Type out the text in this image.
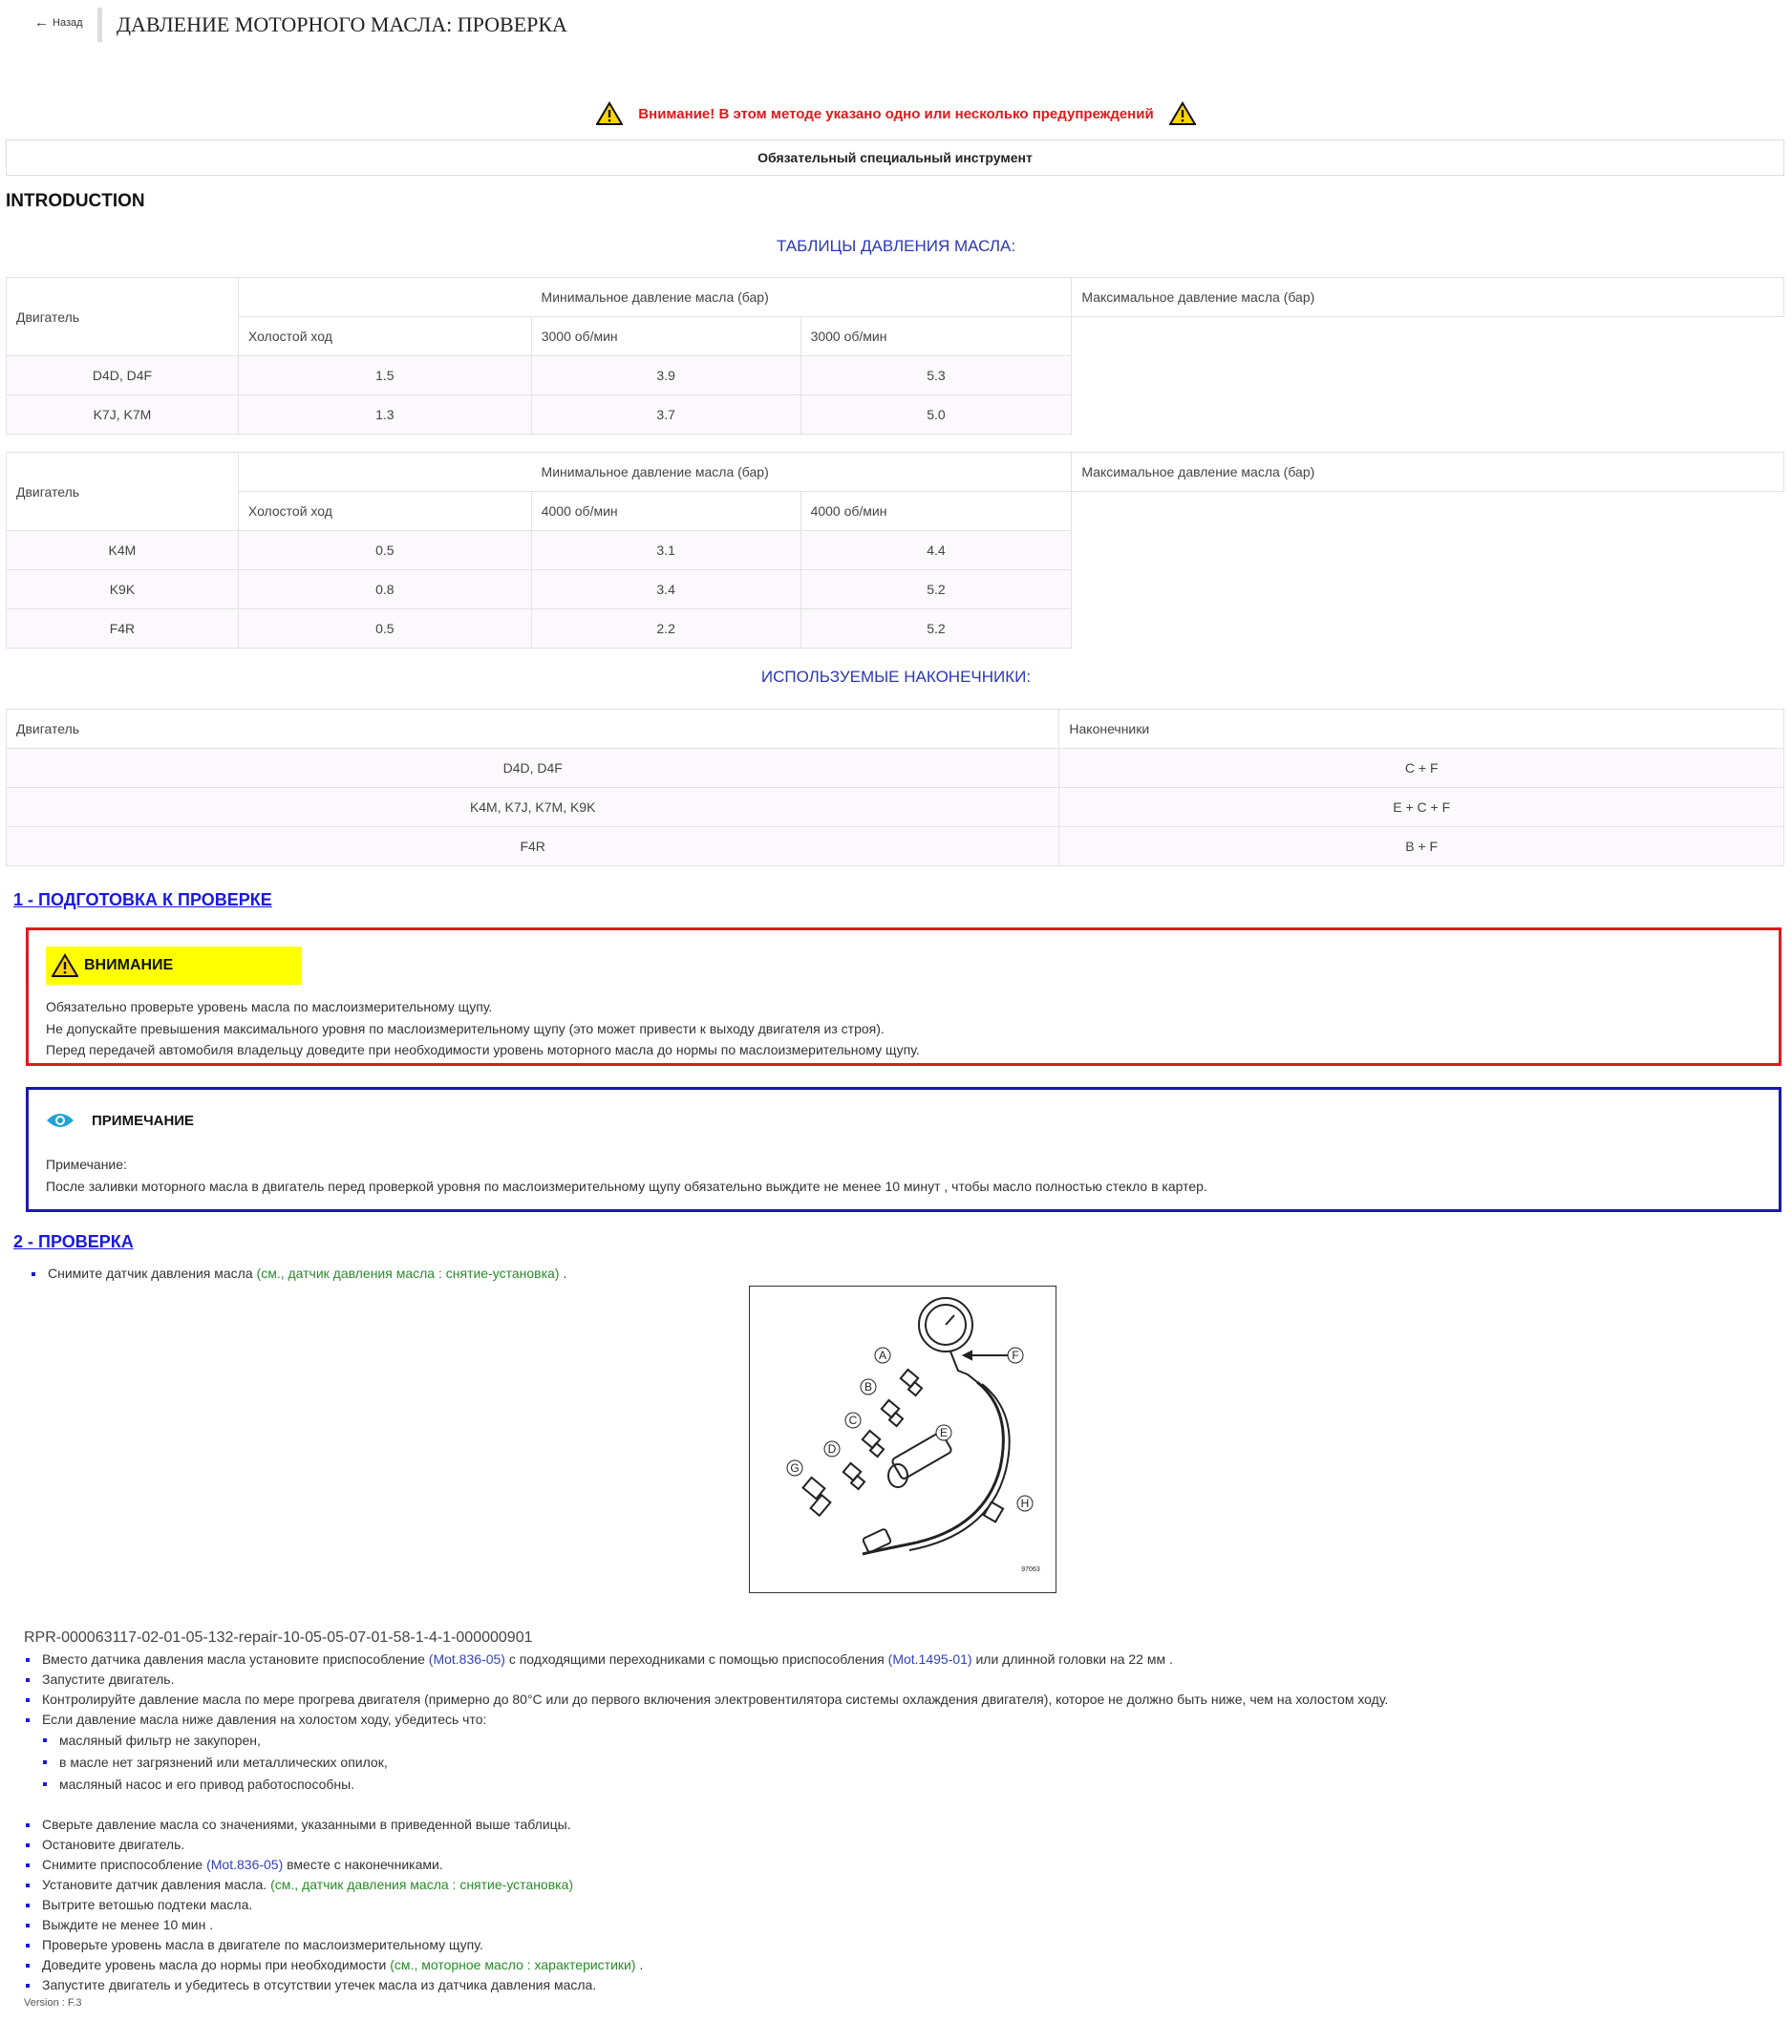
← Назад ДАВЛЕНИЕ МОТОРНОГО МАСЛА: ПРОВЕРКА
Внимание! В этом методе указано одно или несколько предупреждений
Обязательный специальный инструмент
INTRODUCTION
ТАБЛИЦЫ ДАВЛЕНИЯ МАСЛА:
Двигатель	Минимальное давление масла (бар)			Максимальное давление масла (бар)
	Холостой ход	3000 об/мин	3000 об/мин	
D4D, D4F	1.5	3.9	5.3	
K7J, K7M	1.3	3.7	5.0	
Двигатель	Минимальное давление масла (бар)			Максимальное давление масла (бар)
	Холостой ход	4000 об/мин	4000 об/мин	
K4M	0.5	3.1	4.4	
K9K	0.8	3.4	5.2	
F4R	0.5	2.2	5.2	
ИСПОЛЬЗУЕМЫЕ НАКОНЕЧНИКИ:
Двигатель	Наконечники
D4D, D4F	C + F
K4M, K7J, K7M, K9K	E + C + F
F4R	B + F
1 - ПОДГОТОВКА К ПРОВЕРКЕ
ВНИМАНИЕ
Обязательно проверьте уровень масла по маслоизмерительному щупу.
Не допускайте превышения максимального уровня по маслоизмерительному щупу (это может привести к выходу двигателя из строя).
Перед передачей автомобиля владельцу доведите при необходимости уровень моторного масла до нормы по маслоизмерительному щупу.
ПРИМЕЧАНИЕ
Примечание:
После заливки моторного масла в двигатель перед проверкой уровня по маслоизмерительному щупу обязательно выждите не менее 10 минут , чтобы масло полностью стекло в картер.
2 - ПРОВЕРКА
Снимите датчик давления масла (см., датчик давления масла : снятие-установка) .
A
B
C
D
E
F
G
H
97063
RPR-000063117-02-01-05-132-repair-10-05-05-07-01-58-1-4-1-000000901
Вместо датчика давления масла установите приспособление (Mot.836-05) с подходящими переходниками с помощью приспособления (Mot.1495-01) или длинной головки на 22 мм .
Запустите двигатель.
Контролируйте давление масла по мере прогрева двигателя (примерно до 80°C или до первого включения электровентилятора системы охлаждения двигателя), которое не должно быть ниже, чем на холостом ходу.
Если давление масла ниже давления на холостом ходу, убедитесь что:
масляный фильтр не закупорен,
в масле нет загрязнений или металлических опилок,
масляный насос и его привод работоспособны.
Сверьте давление масла со значениями, указанными в приведенной выше таблицы.
Остановите двигатель.
Снимите приспособление (Mot.836-05) вместе с наконечниками.
Установите датчик давления масла. (см., датчик давления масла : снятие-установка)
Вытрите ветошью подтеки масла.
Выждите не менее 10 мин .
Проверьте уровень масла в двигателе по маслоизмерительному щупу.
Доведите уровень масла до нормы при необходимости (см., моторное масло : характеристики) .
Запустите двигатель и убедитесь в отсутствии утечек масла из датчика давления масла.
Version : F.3
